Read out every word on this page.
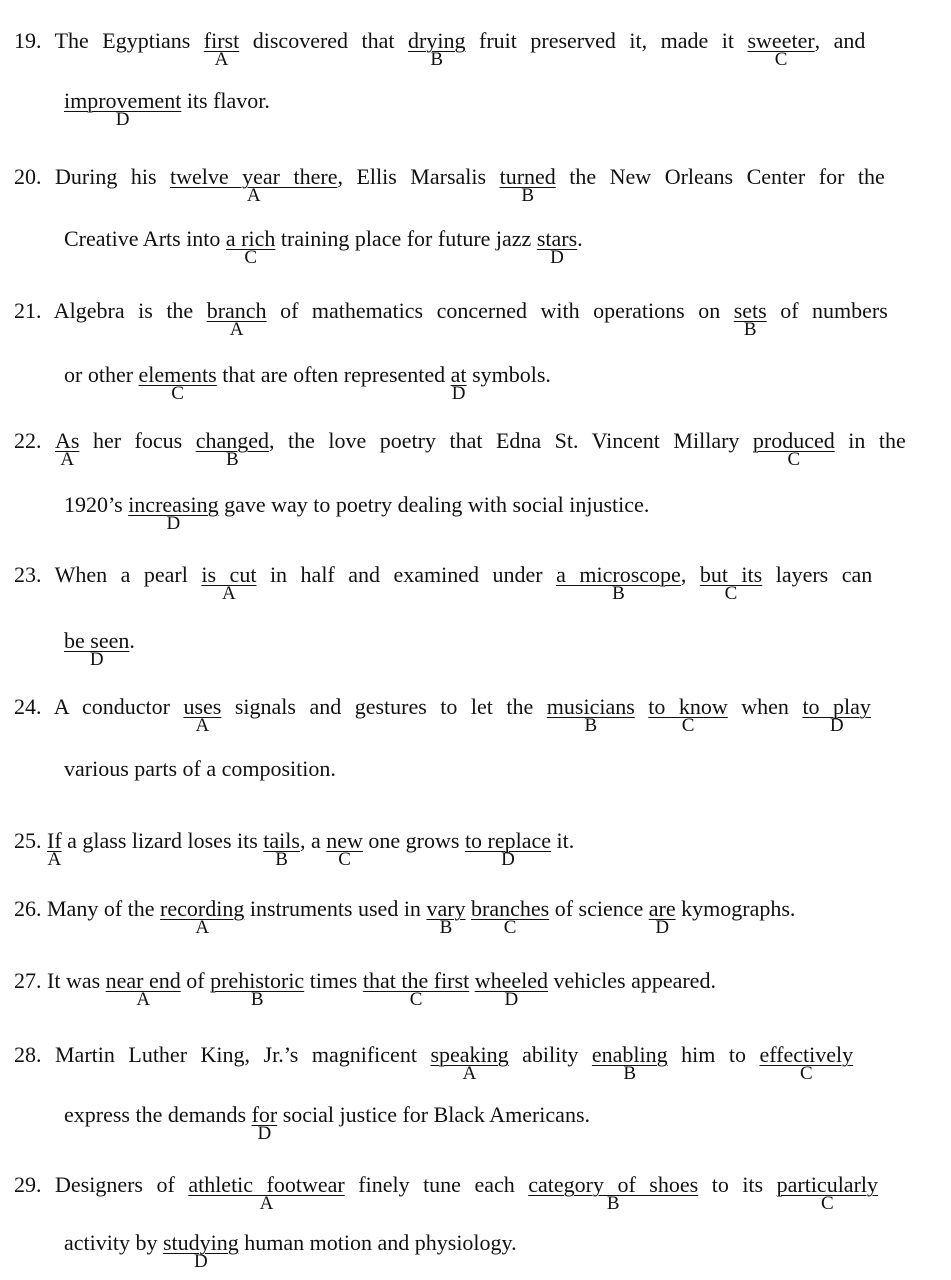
19. The Egyptians first
A
discovered that drying
B
fruit preserved it, made it sweeter
C
, and
improvement
D
its flavor.
20. During his twelve year there
A
, Ellis Marsalis turned
B
the New Orleans Center for the
Creative Arts into a rich
C
training place for future jazz stars
D
.
21. Algebra is the branch
A
of mathematics concerned with operations on sets
B
of numbers
or other elements
C
that are often represented at
D
symbols.
22. As
A
her focus changed
B
, the love poetry that Edna St. Vincent Millary produced
C
in the
1920’s increasing
D
gave way to poetry dealing with social injustice.
23. When a pearl is cut
A
in half and examined under a microscope
B
, but its
C
layers can
be seen
D
.
24. A conductor uses
A
signals and gestures to let the musicians
B
to know
C
when to play
D
various parts of a composition.
25. If
A
a glass lizard loses its tails
B
, a new
C
one grows to replace
D
it.
26. Many of the recording
A
instruments used in vary
B
branches
C
of science are
D
kymographs.
27. It was near end
A
of prehistoric
B
times that the first
C
wheeled
D
vehicles appeared.
28. Martin Luther King, Jr.’s magnificent speaking
A
ability enabling
B
him to effectively
C
express the demands for
D
social justice for Black Americans.
29. Designers of athletic footwear
A
finely tune each category of shoes
B
to its particularly
C
activity by studying
D
human motion and physiology.
